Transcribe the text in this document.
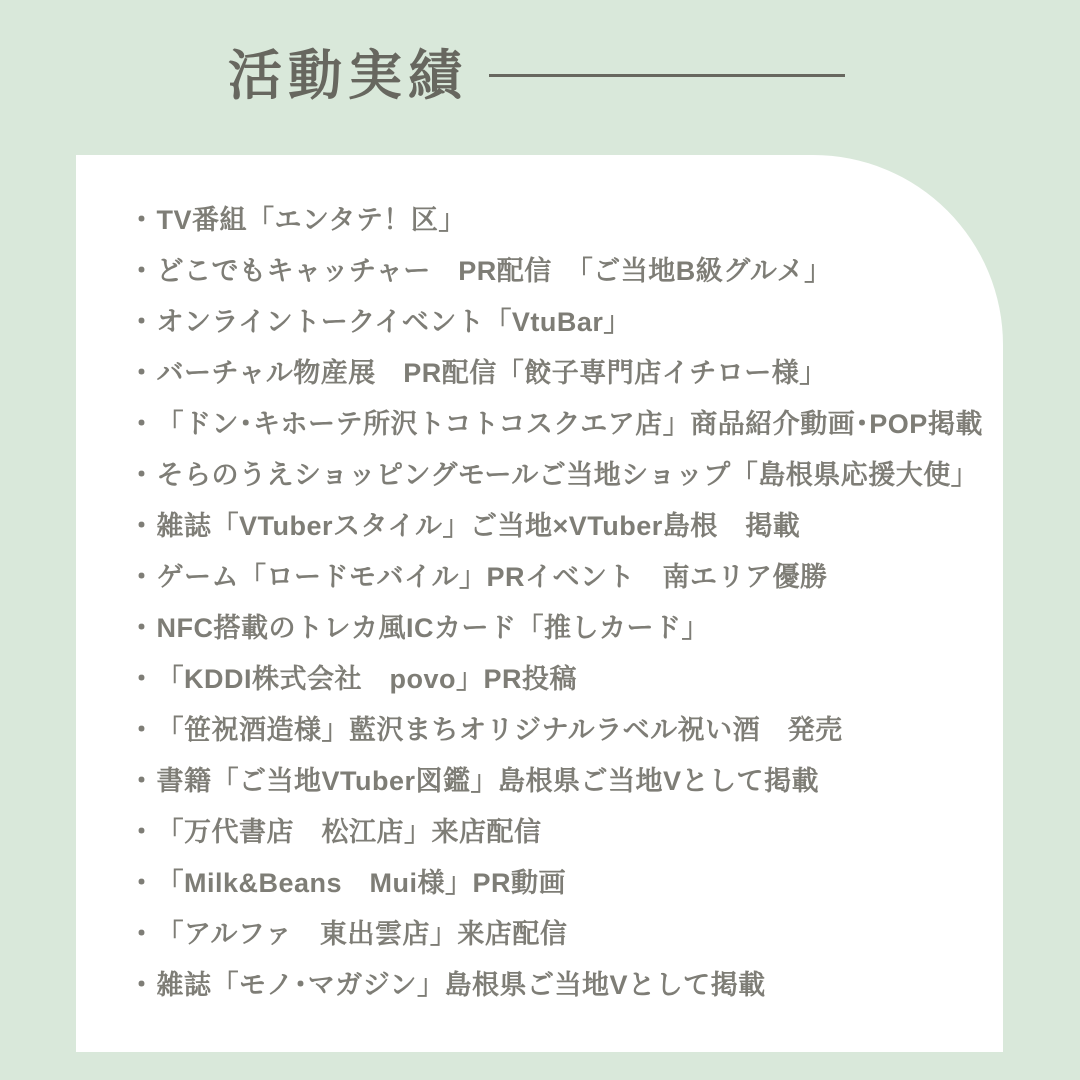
活動実績
・TV番組「エンタテ！区」
・どこでもキャッチャー　PR配信　「ご当地B級グルメ」
・オンライントークイベント「VtuBar」
・バーチャル物産展　PR配信「餃子専門店イチロー様」
・「ドン･キホーテ所沢トコトコスクエア店」商品紹介動画･POP掲載
・そらのうえショッピングモールご当地ショップ「島根県応援大使」
・雑誌「VTuberスタイル」ご当地×VTuber島根　掲載
・ゲーム「ロードモバイル」PRイベント　南エリア優勝
・NFC搭載のトレカ風ICカード「推しカード」
・「KDDI株式会社　povo」PR投稿
・「笹祝酒造様」藍沢まちオリジナルラベル祝い酒　発売
・書籍「ご当地VTuber図鑑」島根県ご当地Vとして掲載
・「万代書店　松江店」来店配信
・「Milk&Beans　Mui様」PR動画
・「アルファ　東出雲店」来店配信
・雑誌「モノ･マガジン」島根県ご当地Vとして掲載
